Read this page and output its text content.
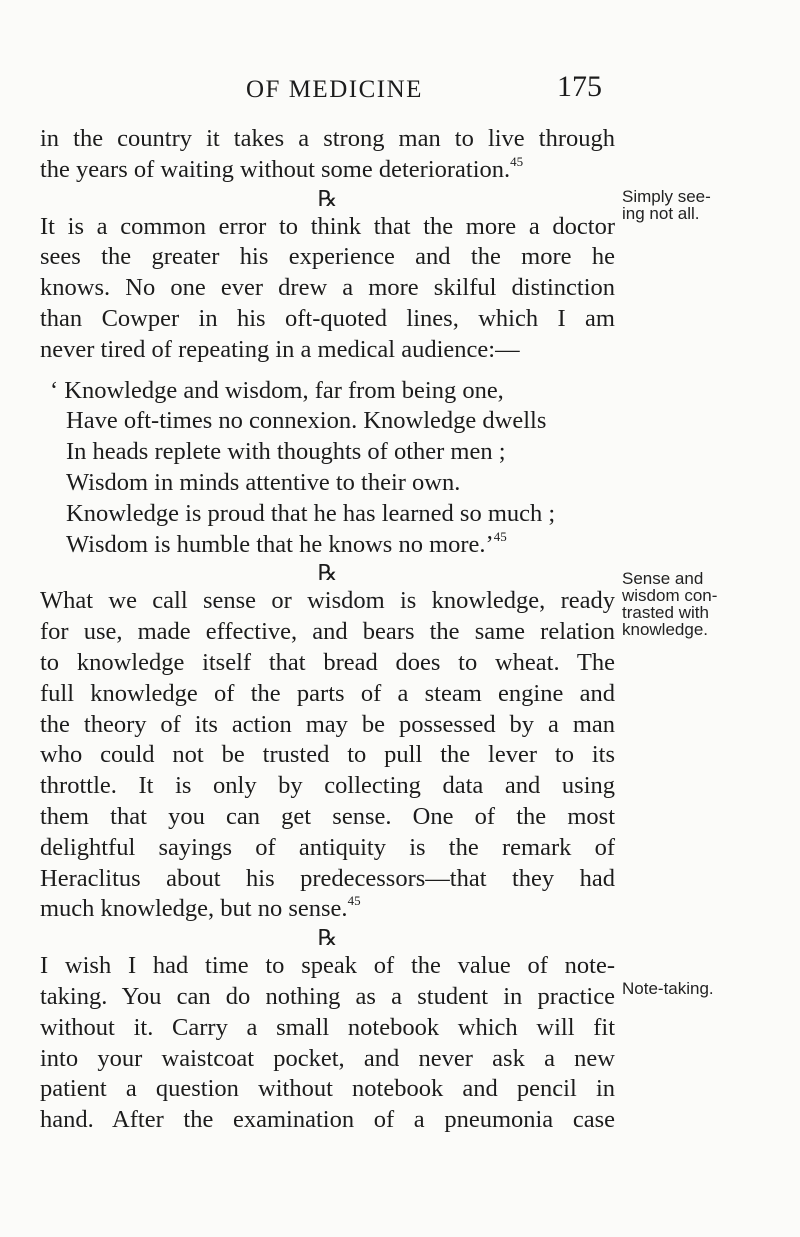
OF MEDICINE	175
in the country it takes a strong man to live through
the years of waiting without some deterioration.$^{45}$
℞
It is a common error to think that the more a doctor
sees the greater his experience and the more he
knows. No one ever drew a more skilful distinction
than Cowper in his oft-quoted lines, which I am
never tired of repeating in a medical audience:—
‘ Knowledge and wisdom, far from being one,
Have oft-times no connexion. Knowledge dwells
In heads replete with thoughts of other men ;
Wisdom in minds attentive to their own.
Knowledge is proud that he has learned so much ;
Wisdom is humble that he knows no more.’$^{45}$
℞
What we call sense or wisdom is knowledge, ready
for use, made effective, and bears the same relation
to knowledge itself that bread does to wheat. The
full knowledge of the parts of a steam engine and
the theory of its action may be possessed by a man
who could not be trusted to pull the lever to its
throttle. It is only by collecting data and using
them that you can get sense. One of the most
delightful sayings of antiquity is the remark of
Heraclitus about his predecessors—that they had
much knowledge, but no sense.$^{45}$
℞
I wish I had time to speak of the value of note-
taking. You can do nothing as a student in practice
without it. Carry a small notebook which will fit
into your waistcoat pocket, and never ask a new
patient a question without notebook and pencil in
hand. After the examination of a pneumonia case
Simply see-
ing not all.
Sense and
wisdom con-
trasted with
knowledge.
Note-taking.
